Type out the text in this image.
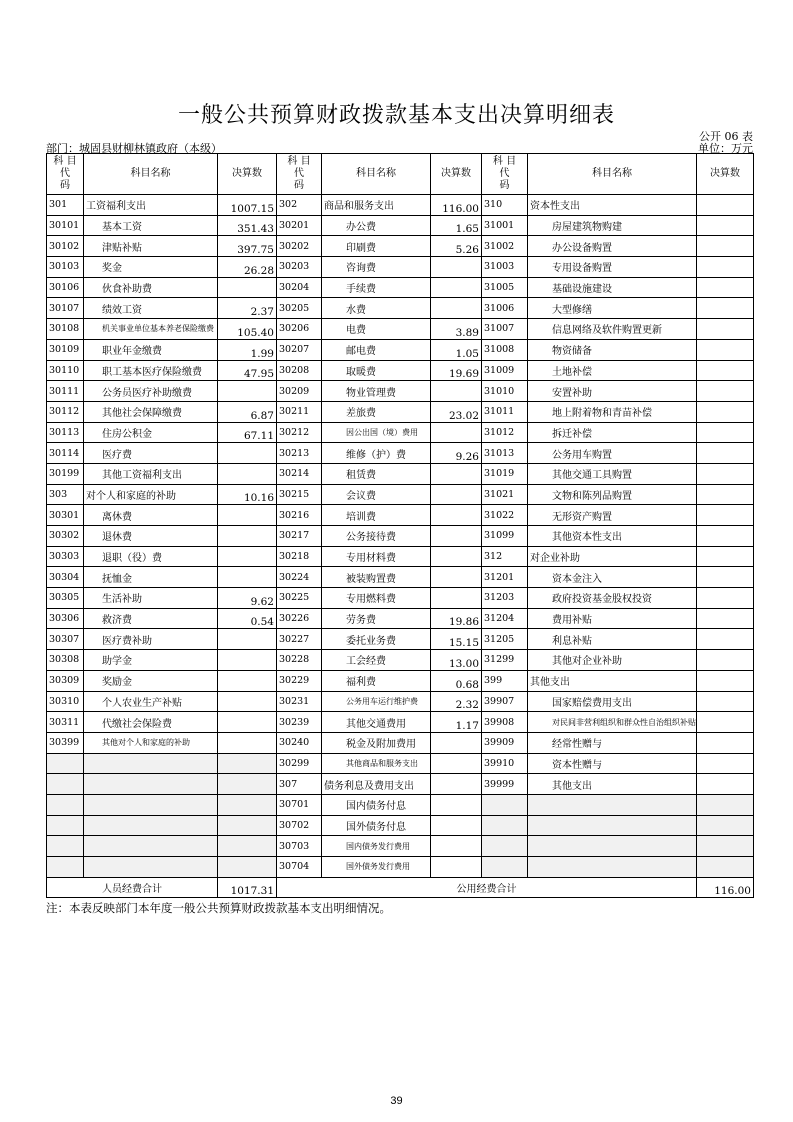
一般公共预算财政拨款基本支出决算明细表
公开 06 表
部门：城固县财柳林镇政府（本级）	单位：万元
科 目
代
码	科目名称	决算数	科 目
代
码	科目名称	决算数	科 目
代
码	科目名称	决算数
301	工资福利支出	1007.15	302	商品和服务支出	116.00	310	资本性支出	
30101	基本工资	351.43	30201	办公费	1.65	31001	房屋建筑物购建	
30102	津贴补贴	397.75	30202	印刷费	5.26	31002	办公设备购置	
30103	奖金	26.28	30203	咨询费		31003	专用设备购置	
30106	伙食补助费		30204	手续费		31005	基础设施建设	
30107	绩效工资	2.37	30205	水费		31006	大型修缮	
30108	机关事业单位基本养老保险缴费	105.40	30206	电费	3.89	31007	信息网络及软件购置更新	
30109	职业年金缴费	1.99	30207	邮电费	1.05	31008	物资储备	
30110	职工基本医疗保险缴费	47.95	30208	取暖费	19.69	31009	土地补偿	
30111	公务员医疗补助缴费		30209	物业管理费		31010	安置补助	
30112	其他社会保障缴费	6.87	30211	差旅费	23.02	31011	地上附着物和青苗补偿	
30113	住房公积金	67.11	30212	因公出国（境）费用		31012	拆迁补偿	
30114	医疗费		30213	维修（护）费	9.26	31013	公务用车购置	
30199	其他工资福利支出		30214	租赁费		31019	其他交通工具购置	
303	对个人和家庭的补助	10.16	30215	会议费		31021	文物和陈列品购置	
30301	离休费		30216	培训费		31022	无形资产购置	
30302	退休费		30217	公务接待费		31099	其他资本性支出	
30303	退职（役）费		30218	专用材料费		312	对企业补助	
30304	抚恤金		30224	被装购置费		31201	资本金注入	
30305	生活补助	9.62	30225	专用燃料费		31203	政府投资基金股权投资	
30306	救济费	0.54	30226	劳务费	19.86	31204	费用补贴	
30307	医疗费补助		30227	委托业务费	15.15	31205	利息补贴	
30308	助学金		30228	工会经费	13.00	31299	其他对企业补助	
30309	奖励金		30229	福利费	0.68	399	其他支出	
30310	个人农业生产补贴		30231	公务用车运行维护费	2.32	39907	国家赔偿费用支出	
30311	代缴社会保险费		30239	其他交通费用	1.17	39908	对民间非营利组织和群众性自治组织补贴	
30399	其他对个人和家庭的补助		30240	税金及附加费用		39909	经常性赠与	
			30299	其他商品和服务支出		39910	资本性赠与	
			307	债务利息及费用支出		39999	其他支出	
			30701	国内债务付息				
			30702	国外债务付息				
			30703	国内债务发行费用				
			30704	国外债务发行费用				
人员经费合计		1017.31	公用经费合计					116.00
注：本表反映部门本年度一般公共预算财政拨款基本支出明细情况。
39
